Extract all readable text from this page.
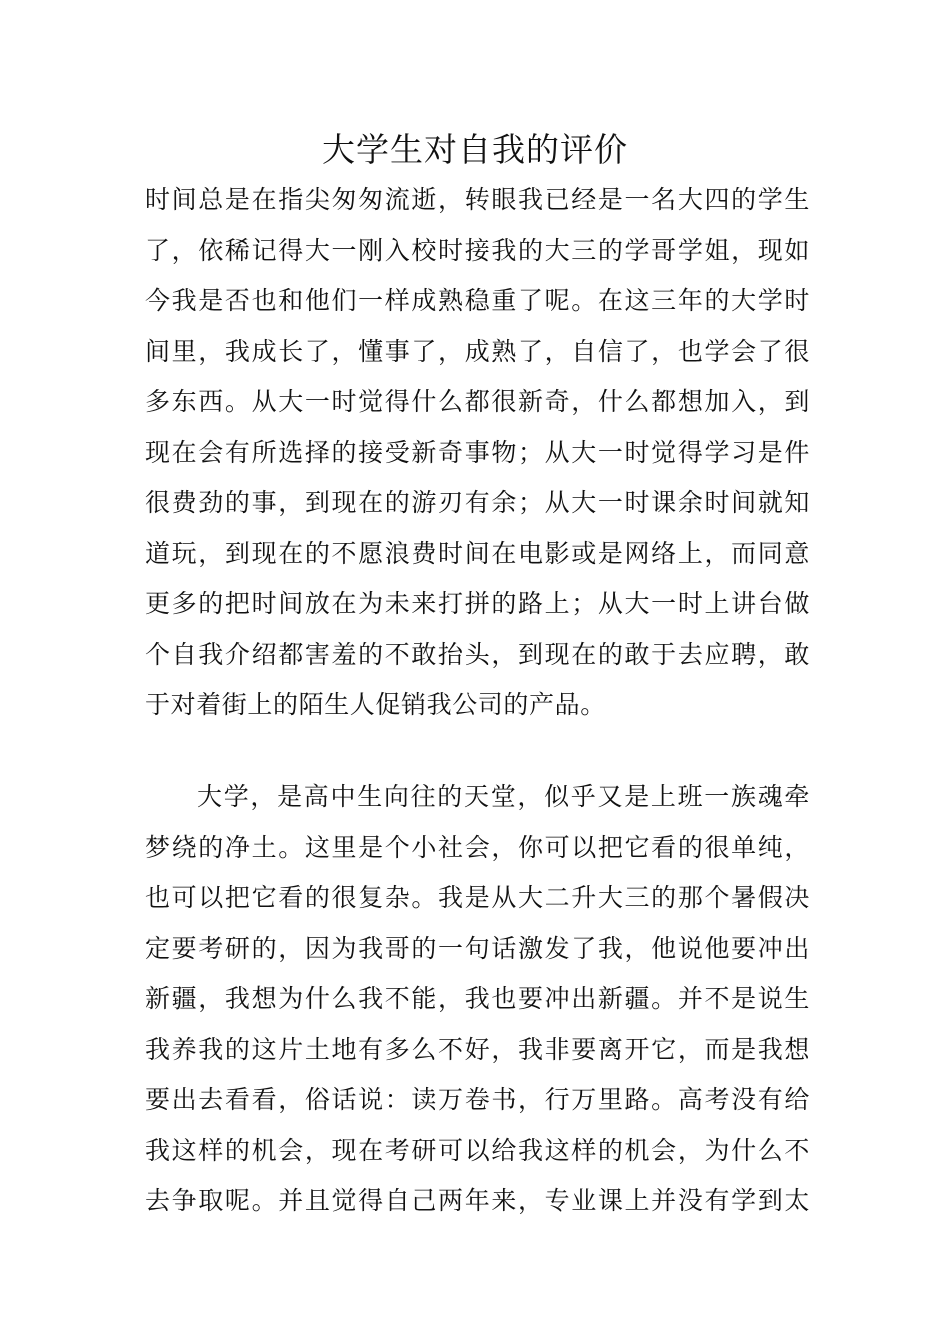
大学生对自我的评价
时间总是在指尖匆匆流逝，转眼我已经是一名大四的学生
了，依稀记得大一刚入校时接我的大三的学哥学姐，现如
今我是否也和他们一样成熟稳重了呢。在这三年的大学时
间里，我成长了，懂事了，成熟了，自信了，也学会了很
多东西。从大一时觉得什么都很新奇，什么都想加入，到
现在会有所选择的接受新奇事物；从大一时觉得学习是件
很费劲的事，到现在的游刃有余；从大一时课余时间就知
道玩，到现在的不愿浪费时间在电影或是网络上，而同意
更多的把时间放在为未来打拼的路上；从大一时上讲台做
个自我介绍都害羞的不敢抬头，到现在的敢于去应聘，敢
于对着街上的陌生人促销我公司的产品。
大学，是高中生向往的天堂，似乎又是上班一族魂牵
梦绕的净土。这里是个小社会，你可以把它看的很单纯，
也可以把它看的很复杂。我是从大二升大三的那个暑假决
定要考研的，因为我哥的一句话激发了我，他说他要冲出
新疆，我想为什么我不能，我也要冲出新疆。并不是说生
我养我的这片土地有多么不好，我非要离开它，而是我想
要出去看看，俗话说：读万卷书，行万里路。高考没有给
我这样的机会，现在考研可以给我这样的机会，为什么不
去争取呢。并且觉得自己两年来，专业课上并没有学到太
